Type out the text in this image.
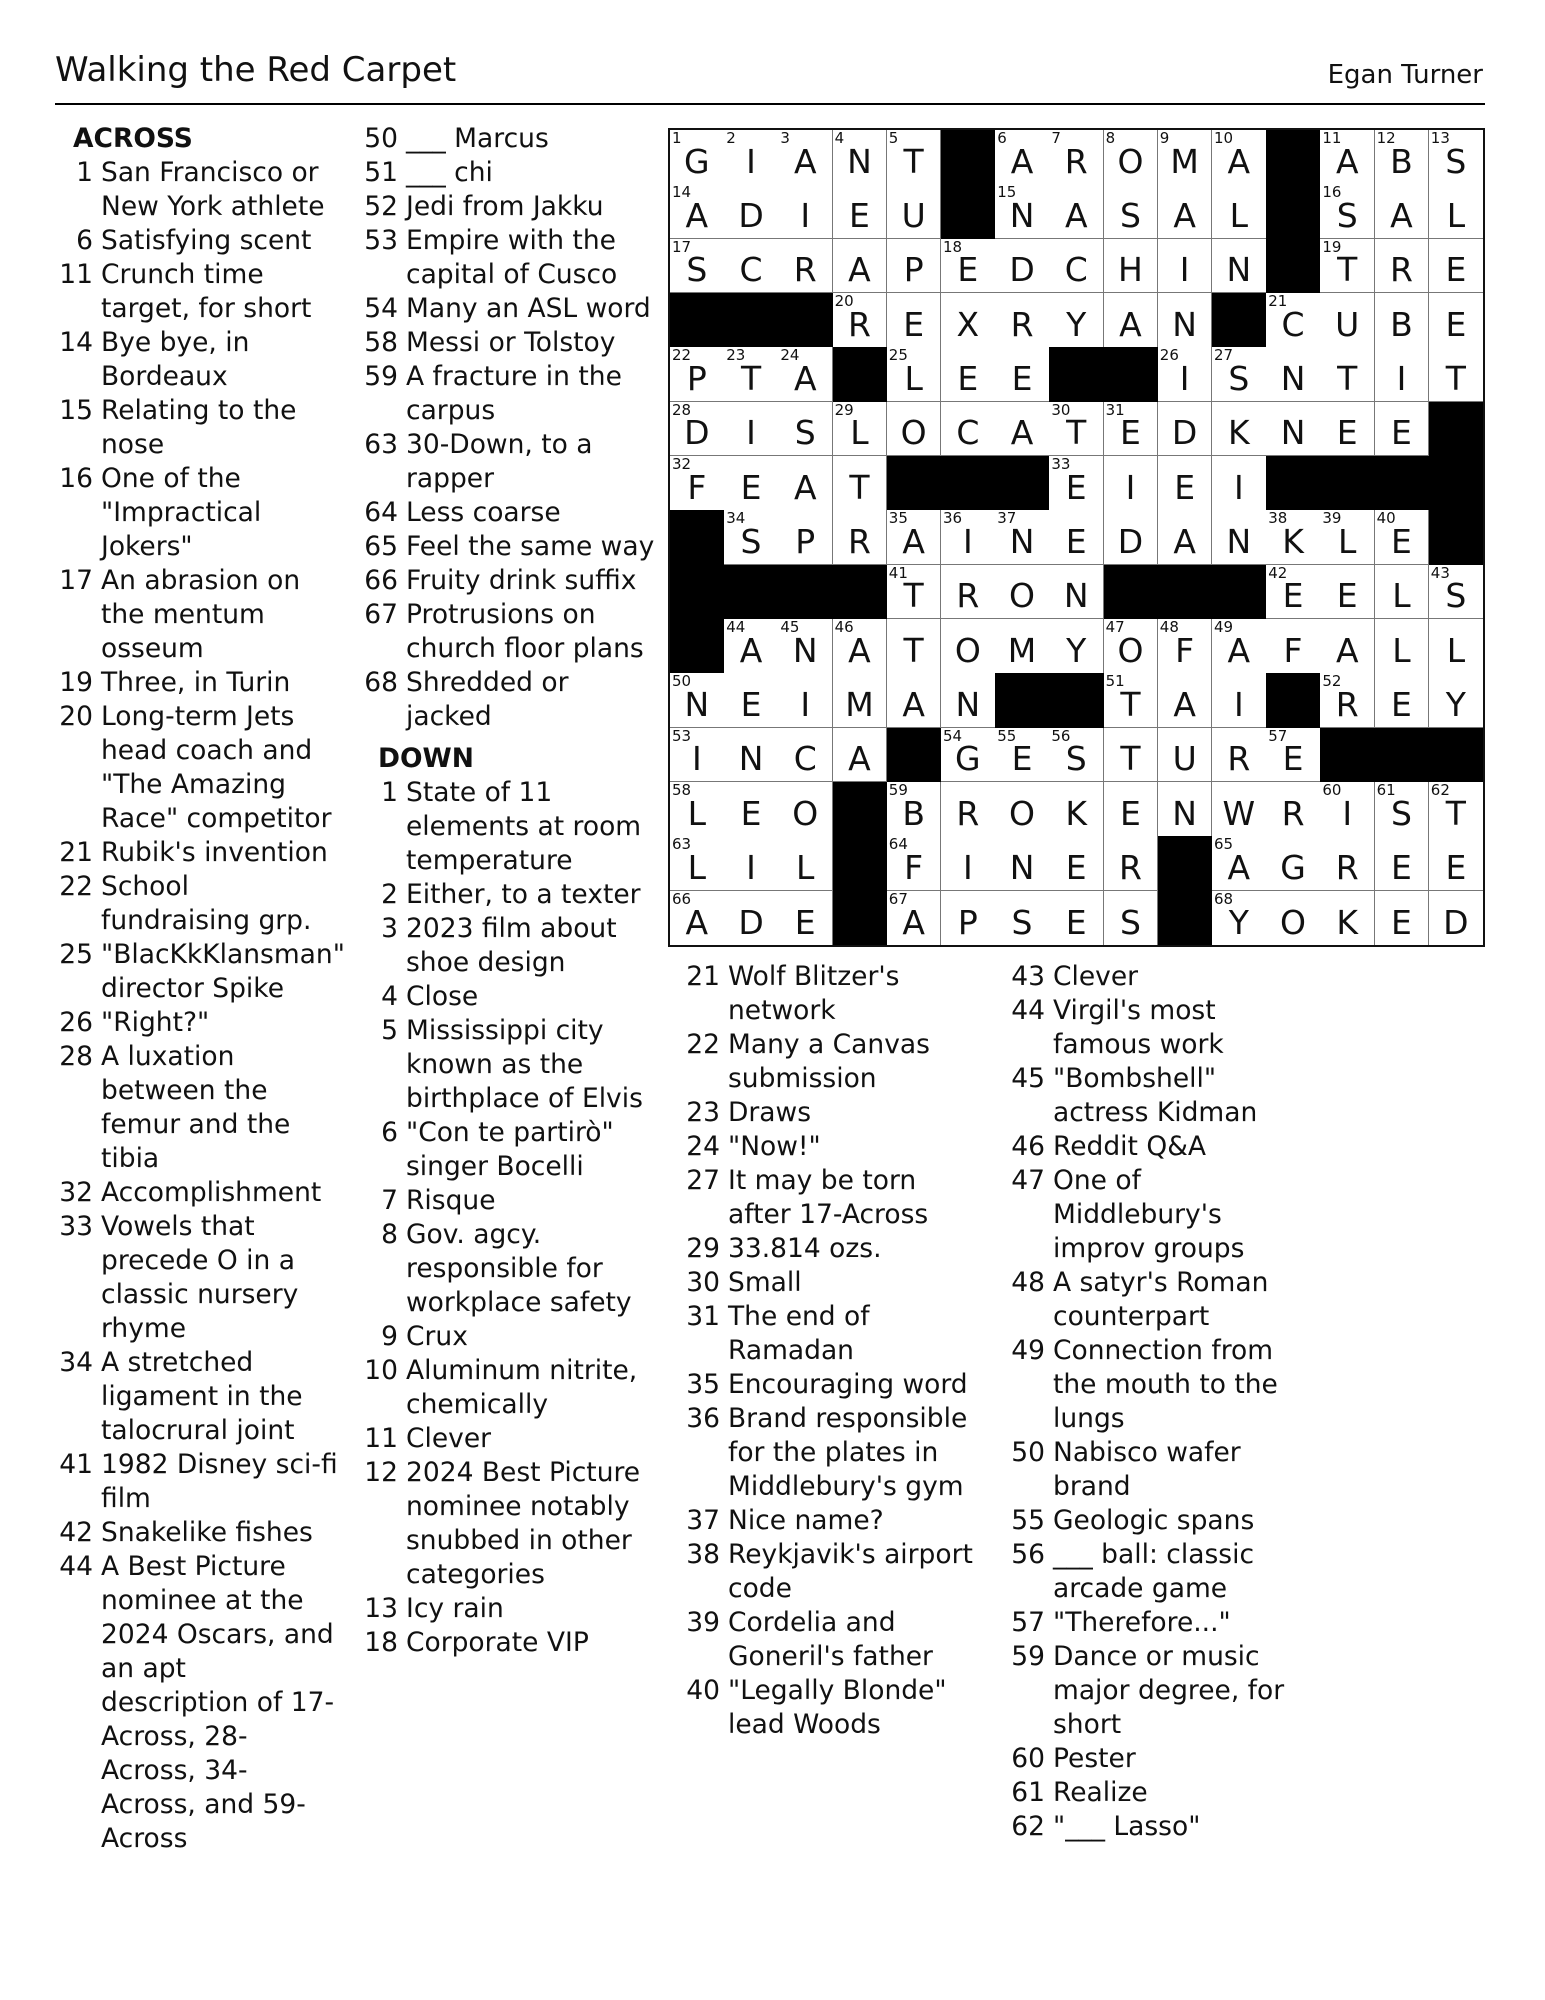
Walking the Red Carpet	Egan Turner
ACROSS
1 San Francisco or New York athlete
6 Satisfying scent
11 Crunch time target, for short
14 Bye bye, in Bordeaux
15 Relating to the nose
16 One of the "Impractical Jokers"
17 An abrasion on the mentum osseum
19 Three, in Turin
20 Long-term Jets head coach and "The Amazing Race" competitor
21 Rubik's invention
22 School fundraising grp.
25 "BlacKkKlansman" director Spike
26 "Right?"
28 A luxation between the femur and the tibia
32 Accomplishment
33 Vowels that precede O in a classic nursery rhyme
34 A stretched ligament in the talocrural joint
41 1982 Disney sci-fi film
42 Snakelike fishes
44 A Best Picture nominee at the 2024 Oscars, and an apt description of 17-Across, 28-Across, 34-Across, and 59-Across
50 ___ Marcus
51 ___ chi
52 Jedi from Jakku
53 Empire with the capital of Cusco
54 Many an ASL word
58 Messi or Tolstoy
59 A fracture in the carpus
63 30-Down, to a rapper
64 Less coarse
65 Feel the same way
66 Fruity drink suffix
67 Protrusions on church floor plans
68 Shredded or jacked
DOWN
1 State of 11 elements at room temperature
2 Either, to a texter
3 2023 film about shoe design
4 Close
5 Mississippi city known as the birthplace of Elvis
6 "Con te partirò" singer Bocelli
7 Risque
8 Gov. agcy. responsible for workplace safety
9 Crux
10 Aluminum nitrite, chemically
11 Clever
12 2024 Best Picture nominee notably snubbed in other categories
13 Icy rain
18 Corporate VIP
21 Wolf Blitzer's network
22 Many a Canvas submission
23 Draws
24 "Now!"
27 It may be torn after 17-Across
29 33.814 ozs.
30 Small
31 The end of Ramadan
35 Encouraging word
36 Brand responsible for the plates in Middlebury's gym
37 Nice name?
38 Reykjavik's airport code
39 Cordelia and Goneril's father
40 "Legally Blonde" lead Woods
43 Clever
44 Virgil's most famous work
45 "Bombshell" actress Kidman
46 Reddit Q&A
47 One of Middlebury's improv groups
48 A satyr's Roman counterpart
49 Connection from the mouth to the lungs
50 Nabisco wafer brand
55 Geologic spans
56 ___ ball: classic arcade game
57 "Therefore..."
59 Dance or music major degree, for short
60 Pester
61 Realize
62 "___ Lasso"
1
G
2
I
3
A
4
N
5
T
6
A
7
R
8
O
9
M
10
A
11
A
12
B
13
S
14
A D	I	E U
15
N A S A	L
16
S A	L
17
S C R A P
18
E D C H	I	N
19
T R E
20
R E X R Y A N
21
C U B E
22
P
23
T
24
A
25
L	E	E
26
I
27
S N T	I	T
28
D	I	S
29
L O C A
30
T
31
E D K N E	E
32
F	E A T
33
E	I	E	I
34
S	P R
35
A
36
I
37
N E D A N
38
K
39
L
40
E
41
T R O N
42
E	E	L
43
S
44
A
45
N
46
A T O M Y
47
O
48
F
49
A	F	A	L	L
50
N E	I	M A N
51
T A	I
52
R E	Y
53
I	N C A
54
G
55
E
56
S	T U R
57
E
58
L	E O
59
B R O K E N W R
60
I
61
S
62
T
63
L	I	L
64
F	I	N E R
65
A G R E	E
66
A D E
67
A P	S	E	S
68
Y O K E D
